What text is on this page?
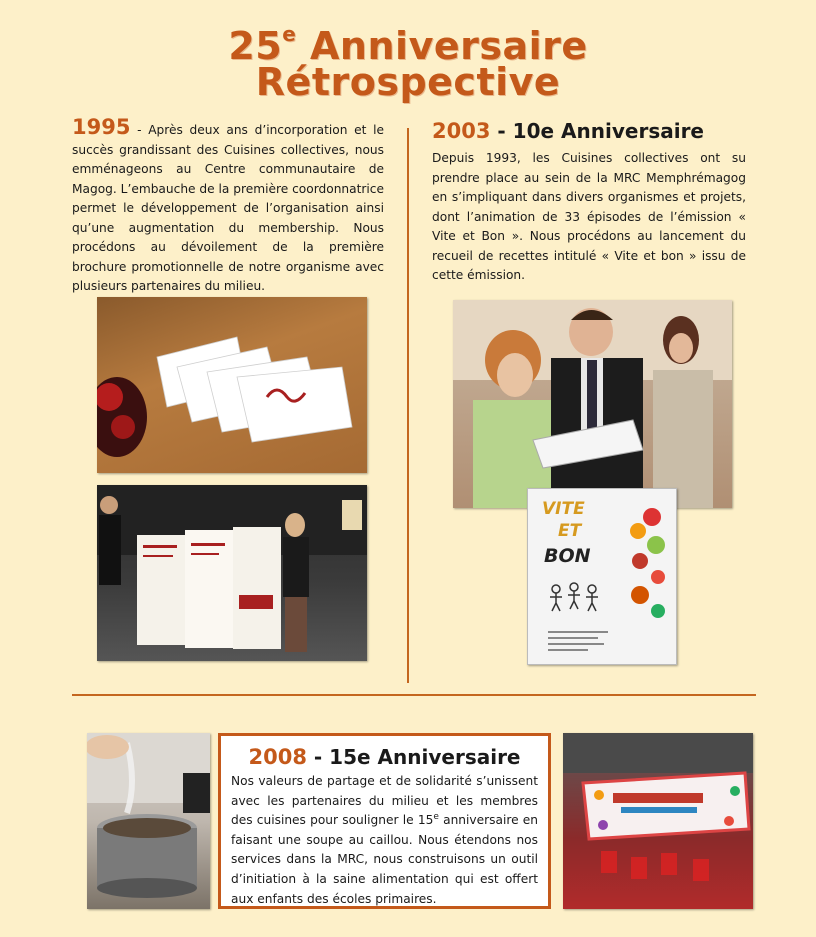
25e Anniversaire
Rétrospective
1995 - Après deux ans d’incorporation et le succès grandissant des Cuisines collectives, nous emménageons au Centre communautaire de Magog. L’embauche de la première coordonnatrice permet le développement de l’organisation ainsi qu’une augmentation du membership. Nous procédons au dévoilement de la première brochure promotionnelle de notre organisme avec plusieurs partenaires du milieu.
2003 - 10e Anniversaire
Depuis 1993, les Cuisines collectives ont su prendre place au sein de la MRC Memphrémagog en s’impliquant dans divers organismes et projets, dont l’animation de 33 épisodes de l’émission « Vite et Bon ». Nous procédons au lancement du recueil de recettes intitulé « Vite et bon » issu de cette émission.
VITE
ET
BON
2008 - 15e Anniversaire
Nos valeurs de partage et de solidarité s’unissent avec les partenaires du milieu et les membres des cuisines pour souligner le 15e anniversaire en faisant une soupe au caillou. Nous étendons nos services dans la MRC, nous construisons un outil d’initiation à la saine alimentation qui est offert aux enfants des écoles primaires.
